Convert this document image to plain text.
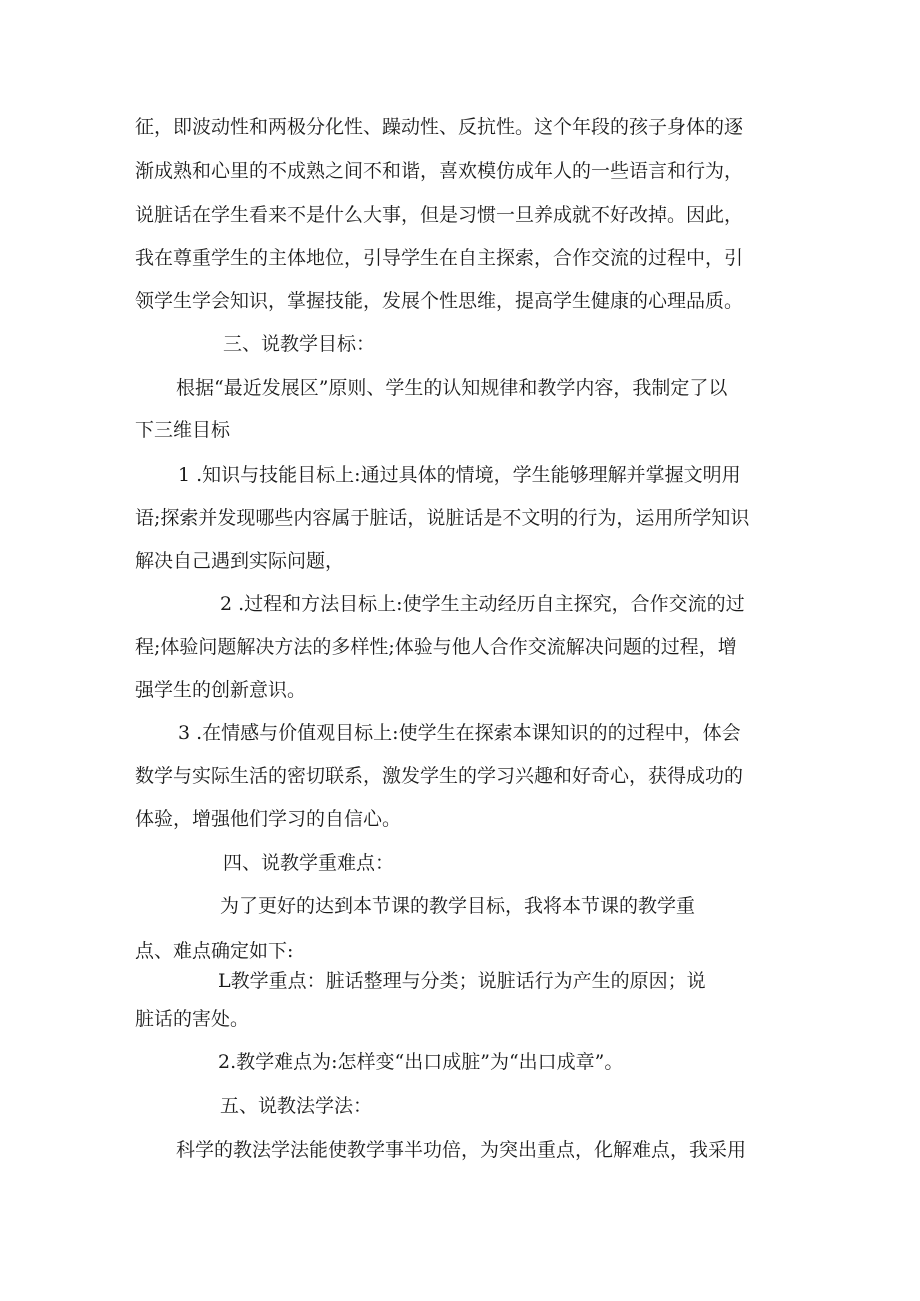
征，即波动性和两极分化性、躁动性、反抗性。这个年段的孩子身体的逐
渐成熟和心里的不成熟之间不和谐，喜欢模仿成年人的一些语言和行为，
说脏话在学生看来不是什么大事，但是习惯一旦养成就不好改掉。因此，
我在尊重学生的主体地位，引导学生在自主探索，合作交流的过程中，引
领学生学会知识，掌握技能，发展个性思维，提高学生健康的心理品质。
三、说教学目标：
根据“最近发展区”原则、学生的认知规律和教学内容，我制定了以
下三维目标
1 .知识与技能目标上:通过具体的情境，学生能够理解并掌握文明用
语;探索并发现哪些内容属于脏话，说脏话是不文明的行为，运用所学知识
解决自己遇到实际问题，
2 .过程和方法目标上:使学生主动经历自主探究，合作交流的过
程;体验问题解决方法的多样性;体验与他人合作交流解决问题的过程，增
强学生的创新意识。
3 .在情感与价值观目标上:使学生在探索本课知识的的过程中，体会
数学与实际生活的密切联系，激发学生的学习兴趣和好奇心，获得成功的
体验，增强他们学习的自信心。
四、说教学重难点：
为了更好的达到本节课的教学目标，我将本节课的教学重
点、难点确定如下:
L教学重点：脏话整理与分类；说脏话行为产生的原因；说
脏话的害处。
2.教学难点为:怎样变“出口成脏”为“出口成章”。
五、说教法学法：
科学的教法学法能使教学事半功倍，为突出重点，化解难点，我采用
